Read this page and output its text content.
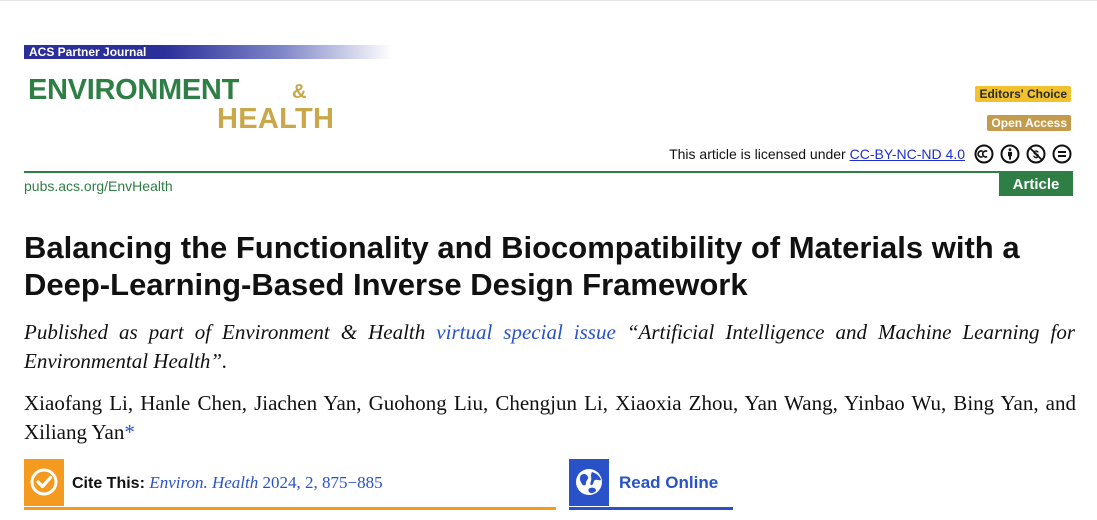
ACS Partner Journal
ENVIRONMENT	&
HEALTH
Editors' Choice
Open Access
This article is licensed under CC-BY-NC-ND 4.0	$
pubs.acs.org/EnvHealth	Article
Balancing the Functionality and Biocompatibility of Materials with a Deep-Learning-Based Inverse Design Framework
Published as part of Environment & Health virtual special issue “Artificial Intelligence and Machine Learning for Environmental Health”.
Xiaofang Li, Hanle Chen, Jiachen Yan, Guohong Liu, Chengjun Li, Xiaoxia Zhou, Yan Wang, Yinbao Wu, Bing Yan, and Xiliang Yan*
Cite This: Environ. Health 2024, 2, 875−885	Read Online
